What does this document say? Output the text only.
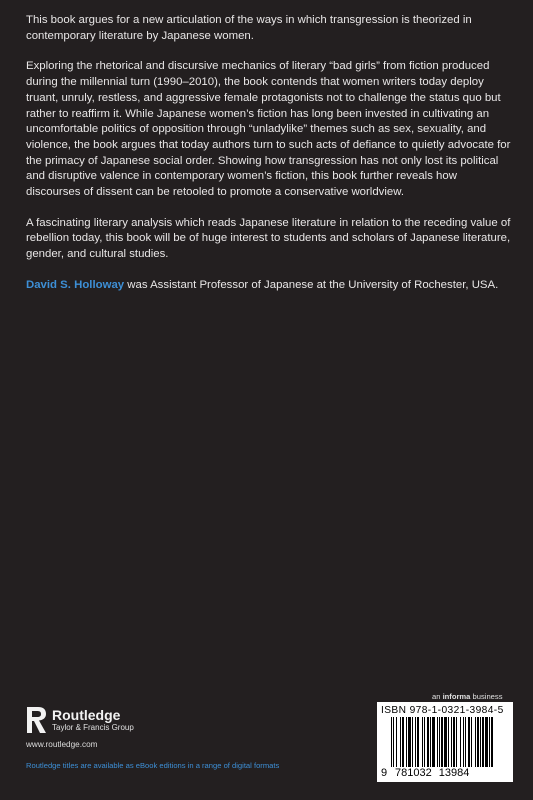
This book argues for a new articulation of the ways in which transgression is theorized in contemporary literature by Japanese women.

Exploring the rhetorical and discursive mechanics of literary “bad girls” from fiction produced during the millennial turn (1990–2010), the book contends that women writers today deploy truant, unruly, restless, and aggressive female protagonists not to challenge the status quo but rather to reaffirm it. While Japanese women’s fiction has long been invested in cultivating an uncomfortable politics of opposition through “unladylike” themes such as sex, sexuality, and violence, the book argues that today authors turn to such acts of defiance to quietly advocate for the primacy of Japanese social order. Showing how transgression has not only lost its political and disruptive valence in contemporary women’s fiction, this book further reveals how discourses of dissent can be retooled to promote a conservative worldview.

A fascinating literary analysis which reads Japanese literature in relation to the receding value of rebellion today, this book will be of huge interest to students and scholars of Japanese literature, gender, and cultural studies.

David S. Holloway was Assistant Professor of Japanese at the University of Rochester, USA.

Routledge
Taylor & Francis Group
www.routledge.com
Routledge titles are available as eBook editions in a range of digital formats
an informa business
ISBN 978-1-0321-3984-5
9 781032 13984
